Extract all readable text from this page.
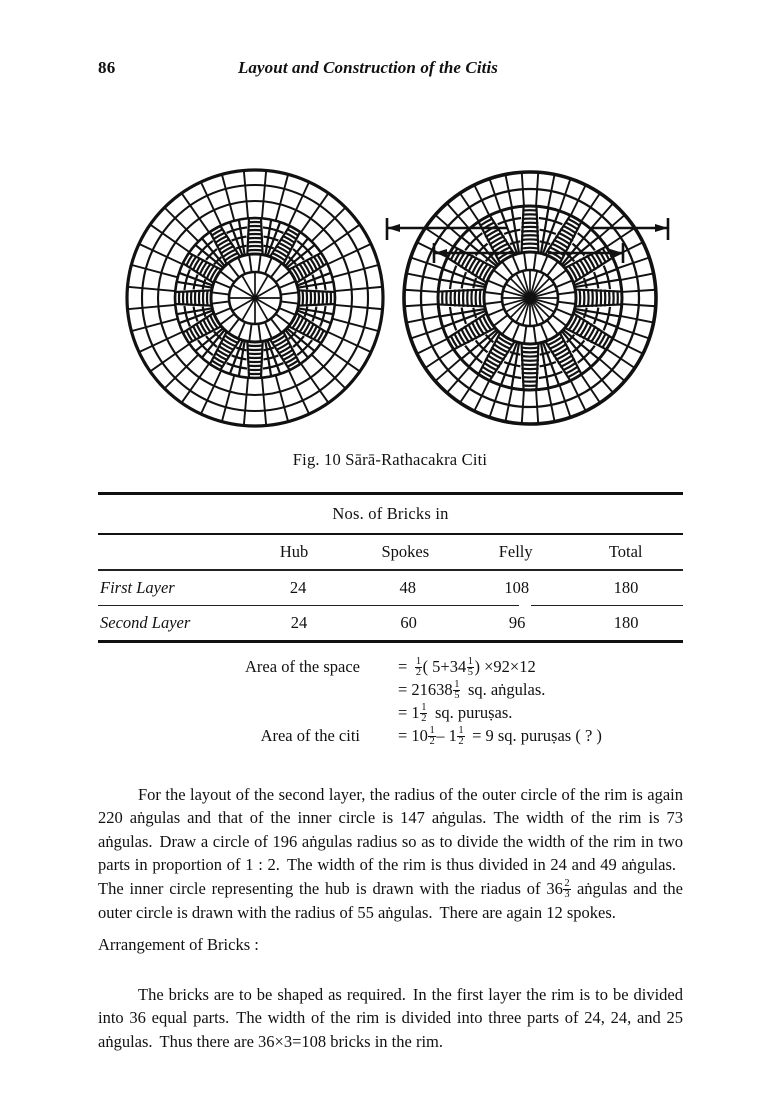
86	Layout and Construction of the Citis
Fig. 10 Sārā-Rathacakra Citi
Nos. of Bricks in
	Hub	Spokes	Felly	Total
First Layer	24	48	108	180
Second Layer	24	60	96	180
Area of the space = $\frac{1}{2}$ ( $5+34 \frac{1}{5}$ ) ×92×12
= $21638 \frac{1}{5}$ sq. aṅgulas.
= $1 \frac{1}{2}$ sq. puruṣas.
Area of the citi = $10 \frac{1}{2} - 1 \frac{1}{2} = 9$ sq. puruṣas ( ? )

For the layout of the second layer, the radius of the outer circle of the rim is again 220 aṅgulas and that of the inner circle is 147 aṅgulas. The width of the rim is 73 aṅgulas. Draw a circle of 196 aṅgulas radius so as to divide the width of the rim in two parts in proportion of 1 : 2. The width of the rim is thus divided in 24 and 49 aṅgulas.The inner circle representing the hub is drawn with the riadus of $36 \frac{2}{3}$ aṅgulas and the outer circle is drawn with the radius of 55 aṅgulas. There are again 12 spokes.

Arrangement of Bricks :

The bricks are to be shaped as required. In the first layer the rim is to be divided into 36 equal parts. The width of the rim is divided into three parts of 24, 24, and 25 aṅgulas. Thus there are 36×3=108 bricks in the rim.
